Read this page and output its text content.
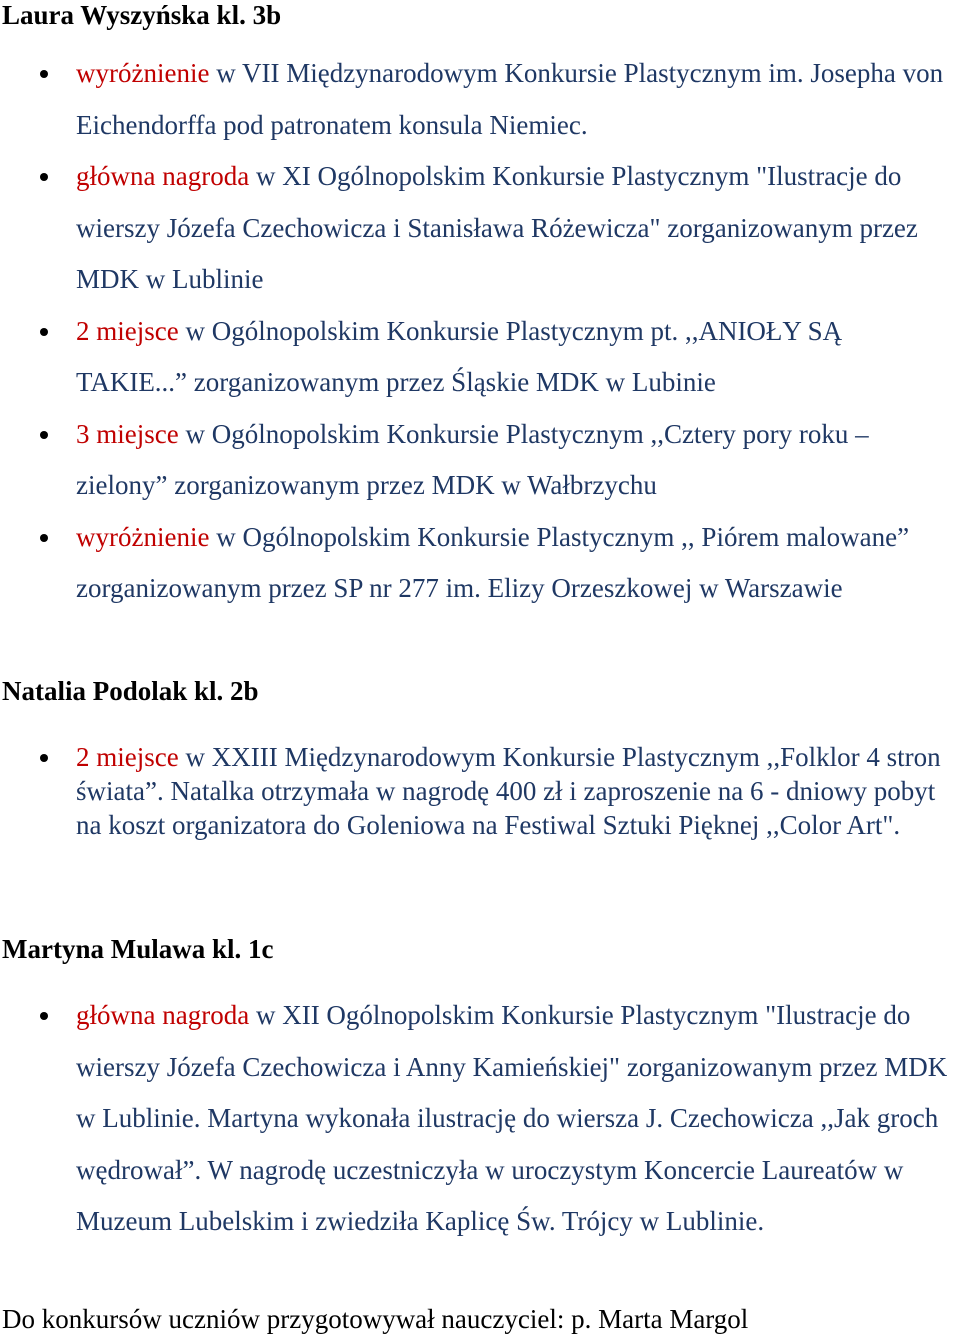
Laura Wyszyńska kl. 3b
wyróżnienie w VII Międzynarodowym Konkursie Plastycznym im. Josepha von Eichendorffa pod patronatem konsula Niemiec.
główna nagroda w XI Ogólnopolskim Konkursie Plastycznym "Ilustracje do wierszy Józefa Czechowicza i Stanisława Różewicza" zorganizowanym przez MDK w Lublinie
2 miejsce w Ogólnopolskim Konkursie Plastycznym pt. ,,ANIOŁY SĄ TAKIE...” zorganizowanym przez Śląskie MDK w Lubinie
3 miejsce w Ogólnopolskim Konkursie Plastycznym ,,Cztery pory roku –
zielony” zorganizowanym przez MDK w Wałbrzychu
wyróżnienie w Ogólnopolskim Konkursie Plastycznym ,, Piórem malowane” zorganizowanym przez SP nr 277 im. Elizy Orzeszkowej w Warszawie
Natalia Podolak kl. 2b
2 miejsce w XXIII Międzynarodowym Konkursie Plastycznym ,,Folklor 4 stron świata”. Natalka otrzymała w nagrodę 400 zł i zaproszenie na 6 - dniowy pobyt na koszt organizatora do Goleniowa na Festiwal Sztuki Pięknej ,,Color Art".
Martyna Mulawa kl. 1c
główna nagroda w XII Ogólnopolskim Konkursie Plastycznym "Ilustracje do wierszy Józefa Czechowicza i Anny Kamieńskiej" zorganizowanym przez MDK w Lublinie. Martyna wykonała ilustrację do wiersza J. Czechowicza ,,Jak groch wędrował”. W nagrodę uczestniczyła w uroczystym Koncercie Laureatów w Muzeum Lubelskim i zwiedziła Kaplicę Św. Trójcy w Lublinie.
Do konkursów uczniów przygotowywał nauczyciel: p. Marta Margol
